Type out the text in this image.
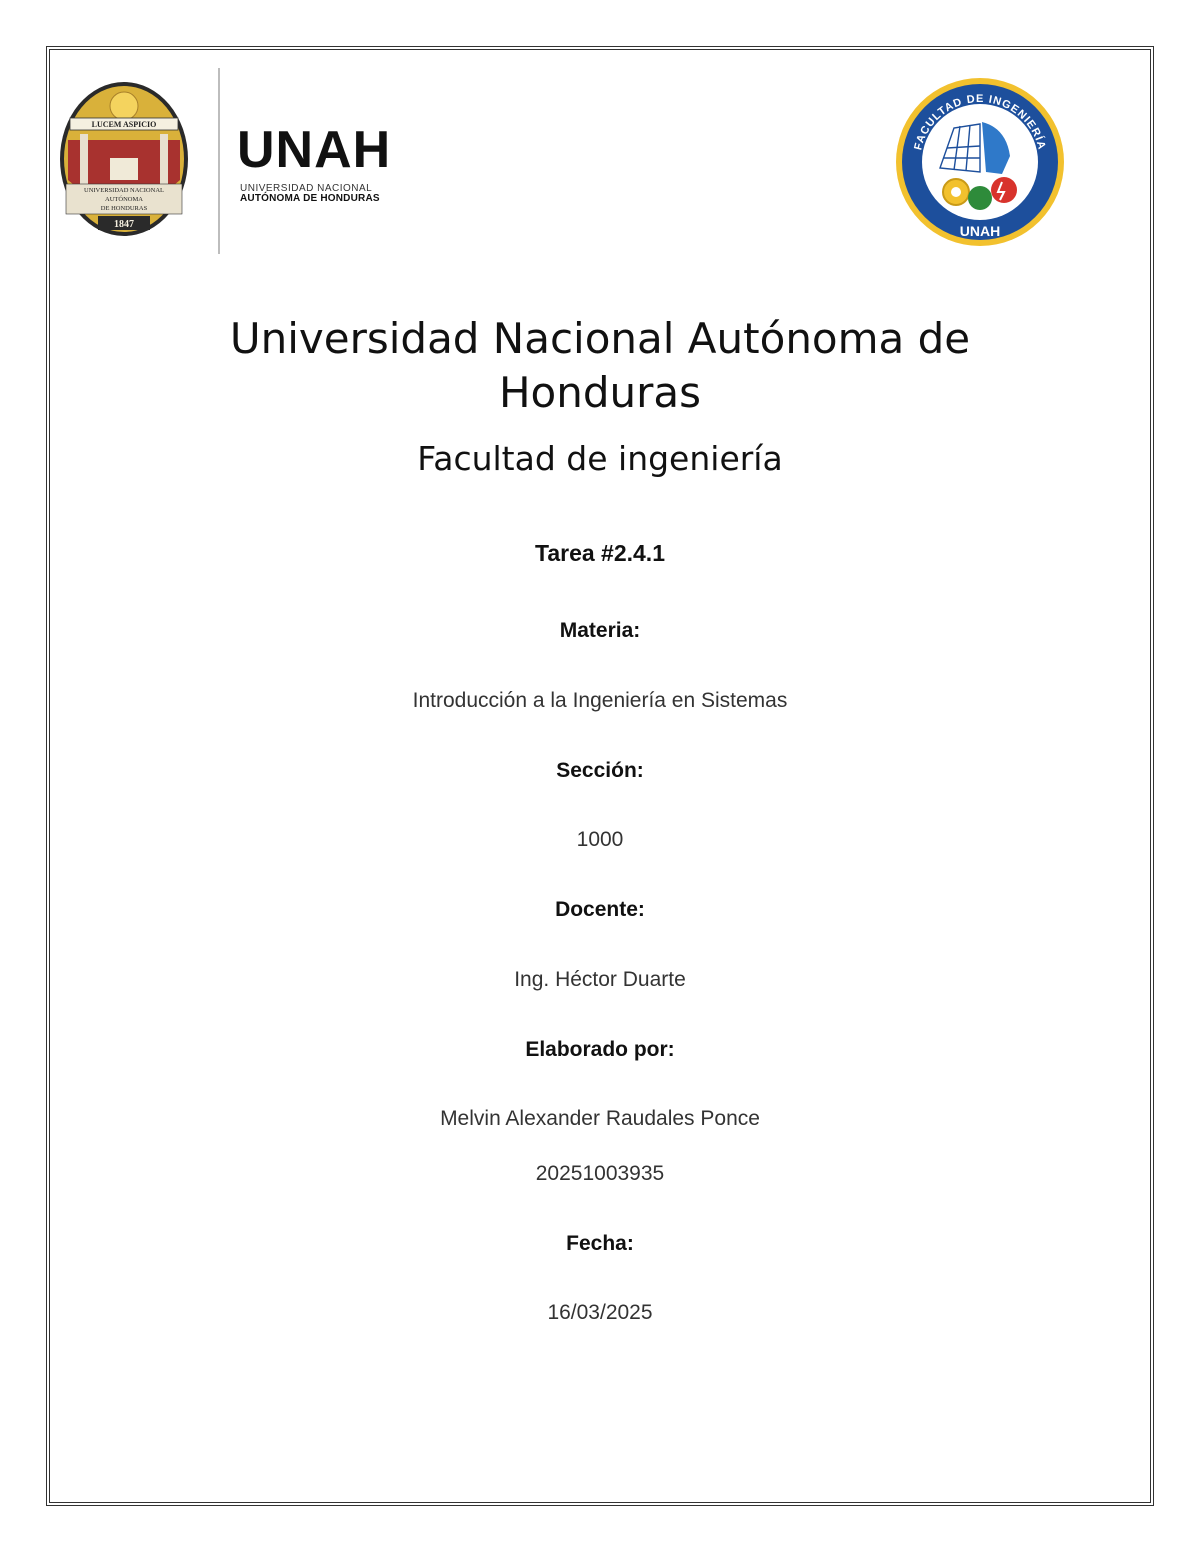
LUCEM ASPICIO
UNIVERSIDAD NACIONAL
AUTÓNOMA
DE HONDURAS
1847
UNAH
UNIVERSIDAD NACIONAL
AUTÓNOMA DE HONDURAS
FACULTAD DE INGENIERÍA
UNAH
Universidad Nacional Autónoma de
Honduras
Facultad de ingeniería
Tarea #2.4.1
Materia:
Introducción a la Ingeniería en Sistemas
Sección:
1000
Docente:
Ing. Héctor Duarte
Elaborado por:
Melvin Alexander Raudales Ponce
20251003935
Fecha:
16/03/2025
